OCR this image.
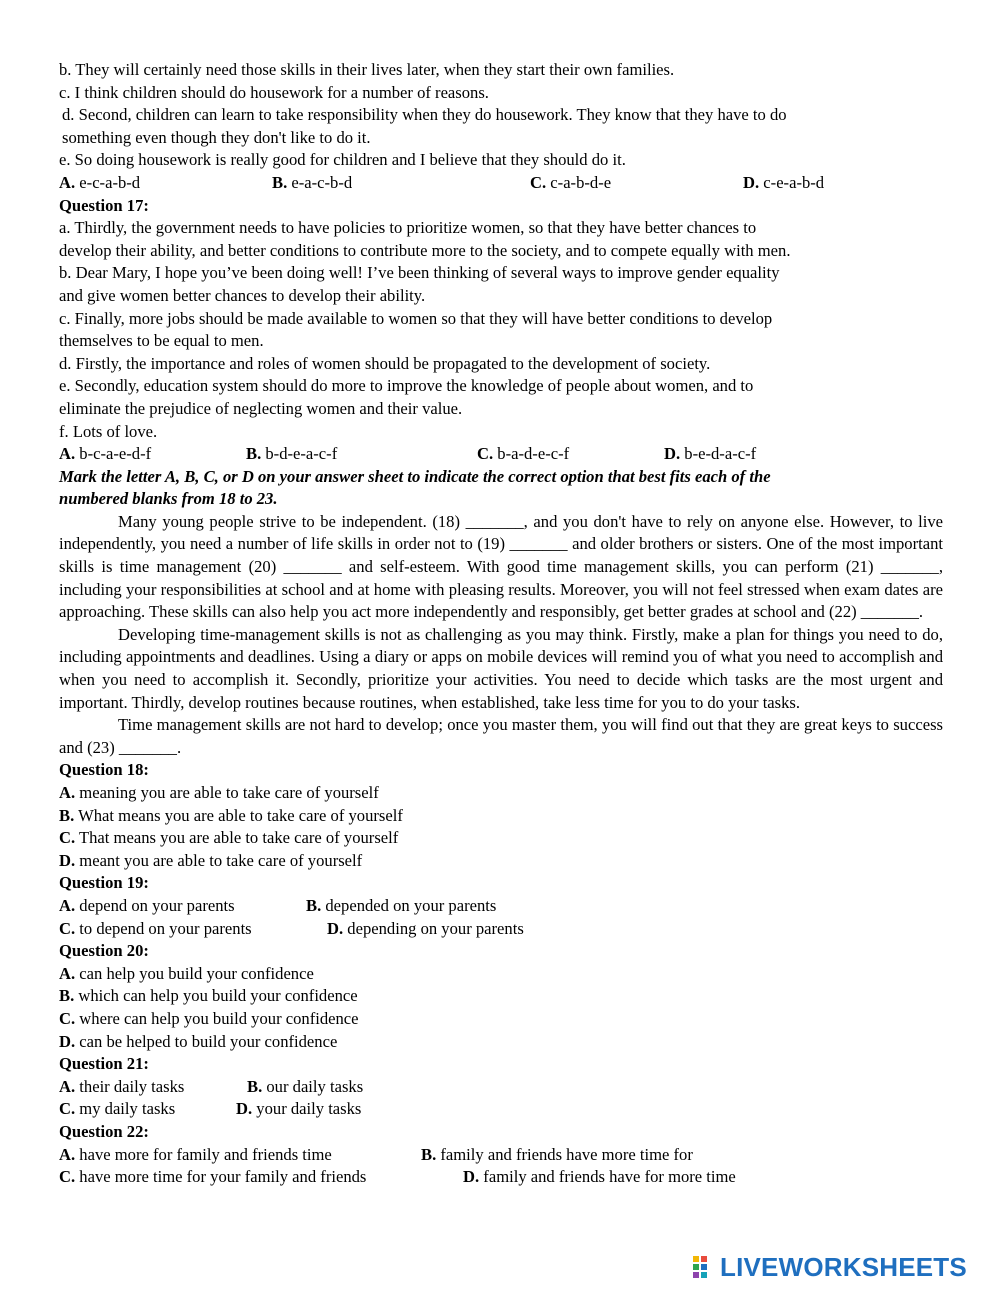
b. They will certainly need those skills in their lives later, when they start their own families.
c. I think children should do housework for a number of reasons.
d. Second, children can learn to take responsibility when they do housework. They know that they have to do
something even though they don't like to do it.
e. So doing housework is really good for children and I believe that they should do it.
A. e-c-a-b-d	B. e-a-c-b-d	C. c-a-b-d-e	D. c-e-a-b-d
Question 17:
a. Thirdly, the government needs to have policies to prioritize women, so that they have better chances to
develop their ability, and better conditions to contribute more to the society, and to compete equally with men.
b. Dear Mary, I hope you’ve been doing well! I’ve been thinking of several ways to improve gender equality
and give women better chances to develop their ability.
c. Finally, more jobs should be made available to women so that they will have better conditions to develop
themselves to be equal to men.
d. Firstly, the importance and roles of women should be propagated to the development of society.
e. Secondly, education system should do more to improve the knowledge of people about women, and to
eliminate the prejudice of neglecting women and their value.
f. Lots of love.
A. b-c-a-e-d-f	B. b-d-e-a-c-f	C. b-a-d-e-c-f	D. b-e-d-a-c-f
Mark the letter A, B, C, or D on your answer sheet to indicate the correct option that best fits each of the
numbered blanks from 18 to 23.
Many young people strive to be independent. (18) _______, and you don't have to rely on anyone else. However, to live independently, you need a number of life skills in order not to (19) _______ and older brothers or sisters. One of the most important skills is time management (20) _______ and self-esteem. With good time management skills, you can perform (21) _______, including your responsibilities at school and at home with pleasing results. Moreover, you will not feel stressed when exam dates are approaching. These skills can also help you act more independently and responsibly, get better grades at school and (22) _______.
Developing time-management skills is not as challenging as you may think. Firstly, make a plan for things you need to do, including appointments and deadlines. Using a diary or apps on mobile devices will remind you of what you need to accomplish and when you need to accomplish it. Secondly, prioritize your activities. You need to decide which tasks are the most urgent and important. Thirdly, develop routines because routines, when established, take less time for you to do your tasks.
Time management skills are not hard to develop; once you master them, you will find out that they are great keys to success and (23) _______.
Question 18:
A. meaning you are able to take care of yourself
B. What means you are able to take care of yourself
C. That means you are able to take care of yourself
D. meant you are able to take care of yourself
Question 19:
A. depend on your parents	B. depended on your parents
C. to depend on your parents	D. depending on your parents
Question 20:
A. can help you build your confidence
B. which can help you build your confidence
C. where can help you build your confidence
D. can be helped to build your confidence
Question 21:
A. their daily tasks	B. our daily tasks
C. my daily tasks	D. your daily tasks
Question 22:
A. have more for family and friends time	B. family and friends have more time for
C. have more time for your family and friends	D. family and friends have for more time
LIVEWORKSHEETS
